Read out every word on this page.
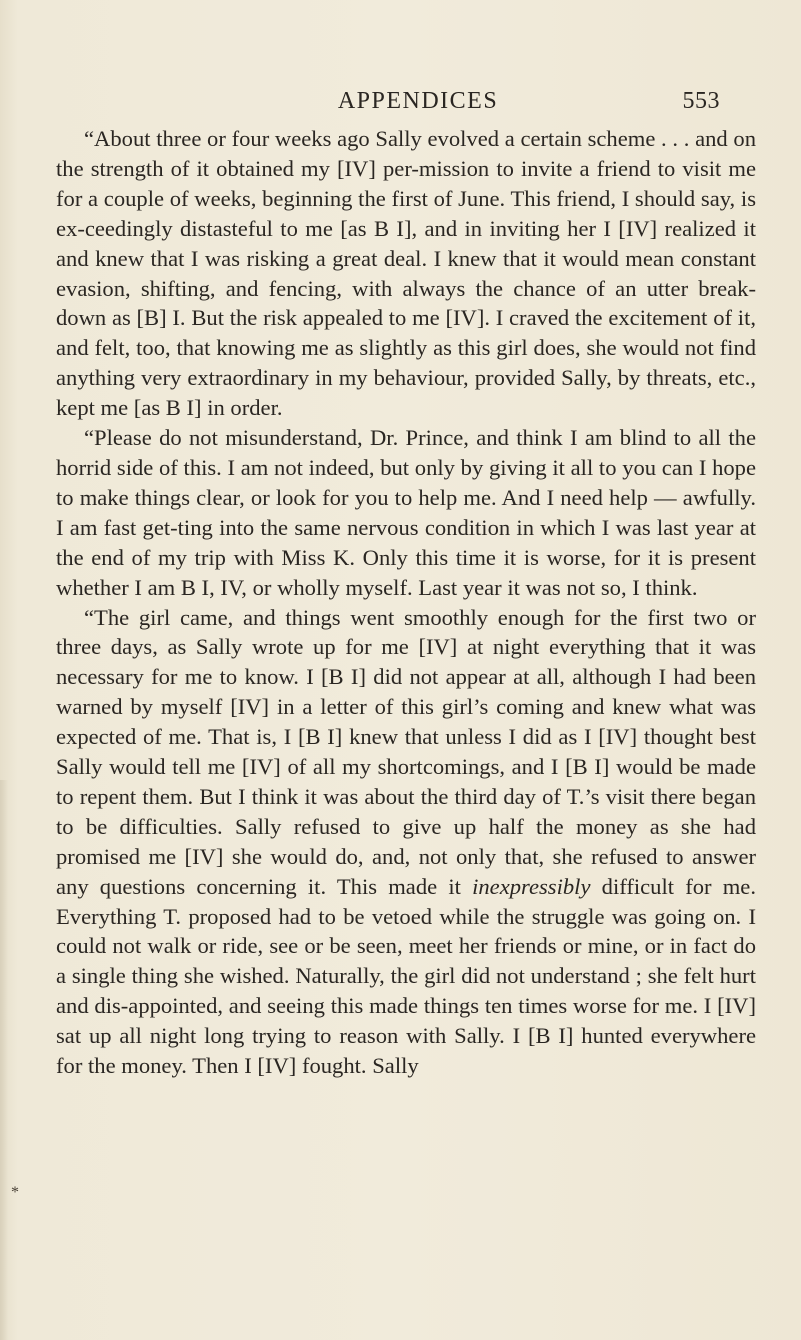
APPENDICES	553

“About three or four weeks ago Sally evolved a certain scheme . . . and on the strength of it obtained my [IV] per-mission to invite a friend to visit me for a couple of weeks, beginning the first of June. This friend, I should say, is ex-ceedingly distasteful to me [as B I], and in inviting her I [IV] realized it and knew that I was risking a great deal. I knew that it would mean constant evasion, shifting, and fencing, with always the chance of an utter break-down as [B] I. But the risk appealed to me [IV]. I craved the excitement of it, and felt, too, that knowing me as slightly as this girl does, she would not find anything very extraordinary in my behaviour, provided Sally, by threats, etc., kept me [as B I] in order.

“Please do not misunderstand, Dr. Prince, and think I am blind to all the horrid side of this. I am not indeed, but only by giving it all to you can I hope to make things clear, or look for you to help me. And I need help — awfully. I am fast get-ting into the same nervous condition in which I was last year at the end of my trip with Miss K. Only this time it is worse, for it is present whether I am B I, IV, or wholly myself. Last year it was not so, I think.

“The girl came, and things went smoothly enough for the first two or three days, as Sally wrote up for me [IV] at night everything that it was necessary for me to know. I [B I] did not appear at all, although I had been warned by myself [IV] in a letter of this girl’s coming and knew what was expected of me. That is, I [B I] knew that unless I did as I [IV] thought best Sally would tell me [IV] of all my shortcomings, and I [B I] would be made to repent them. But I think it was about the third day of T.’s visit there began to be difficulties. Sally refused to give up half the money as she had promised me [IV] she would do, and, not only that, she refused to answer any questions concerning it. This made it inexpressibly difficult for me. Everything T. proposed had to be vetoed while the struggle was going on. I could not walk or ride, see or be seen, meet her friends or mine, or in fact do a single thing she wished. Naturally, the girl did not understand ; she felt hurt and dis-appointed, and seeing this made things ten times worse for me. I [IV] sat up all night long trying to reason with Sally. I [B I] hunted everywhere for the money. Then I [IV] fought. Sally

*
